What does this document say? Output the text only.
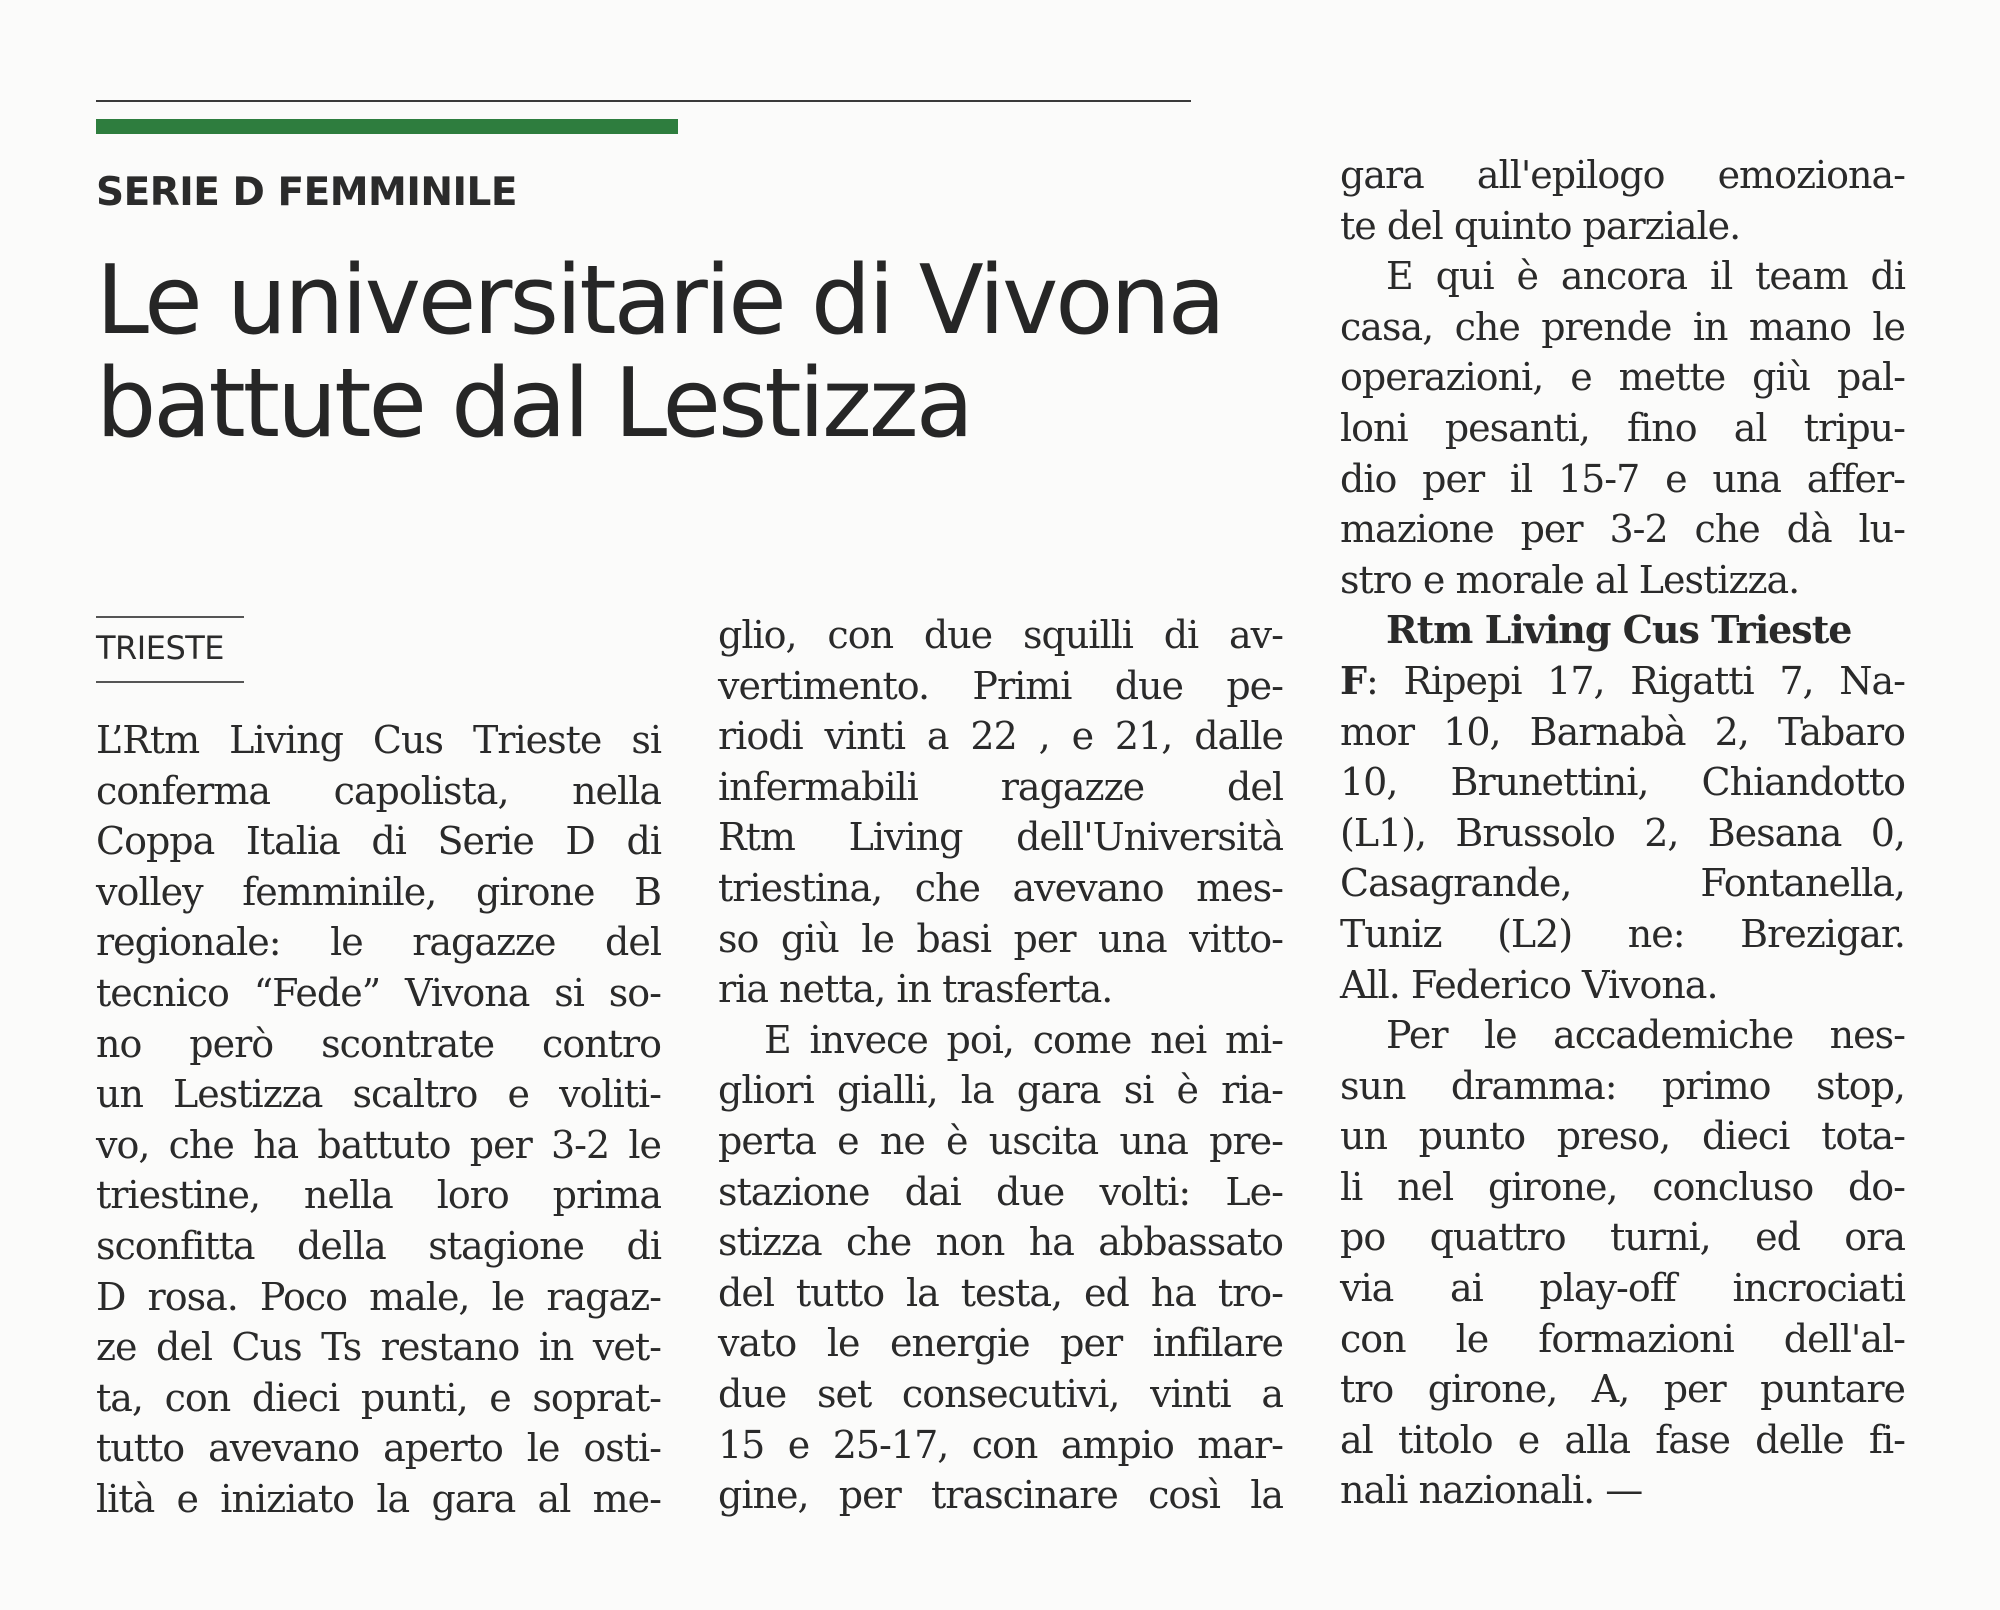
SERIE D FEMMINILE
Le universitarie di Vivona
battute dal Lestizza
TRIESTE
L’Rtm Living Cus Trieste si
conferma capolista, nella
Coppa Italia di Serie D di
volley femminile, girone B
regionale: le ragazze del
tecnico “Fede” Vivona si so-
no però scontrate contro
un Lestizza scaltro e voliti-
vo, che ha battuto per 3-2 le
triestine, nella loro prima
sconfitta della stagione di
D rosa. Poco male, le ragaz-
ze del Cus Ts restano in vet-
ta, con dieci punti, e soprat-
tutto avevano aperto le osti-
lità e iniziato la gara al me-
glio, con due squilli di av-
vertimento. Primi due pe-
riodi vinti a 22 , e 21, dalle
infermabili ragazze del
Rtm Living dell'Università
triestina, che avevano mes-
so giù le basi per una vitto-
ria netta, in trasferta.
E invece poi, come nei mi-
gliori gialli, la gara si è ria-
perta e ne è uscita una pre-
stazione dai due volti: Le-
stizza che non ha abbassato
del tutto la testa, ed ha tro-
vato le energie per infilare
due set consecutivi, vinti a
15 e 25-17, con ampio mar-
gine, per trascinare così la
gara all'epilogo emoziona-
te del quinto parziale.
E qui è ancora il team di
casa, che prende in mano le
operazioni, e mette giù pal-
loni pesanti, fino al tripu-
dio per il 15-7 e una affer-
mazione per 3-2 che dà lu-
stro e morale al Lestizza.
Rtm Living Cus Trieste
F: Ripepi 17, Rigatti 7, Na-
mor 10, Barnabà 2, Tabaro
10, Brunettini, Chiandotto
(L1), Brussolo 2, Besana 0,
Casagrande, Fontanella,
Tuniz (L2) ne: Brezigar.
All. Federico Vivona.
Per le accademiche nes-
sun dramma: primo stop,
un punto preso, dieci tota-
li nel girone, concluso do-
po quattro turni, ed ora
via ai play-off incrociati
con le formazioni dell'al-
tro girone, A, per puntare
al titolo e alla fase delle fi-
nali nazionali. —
